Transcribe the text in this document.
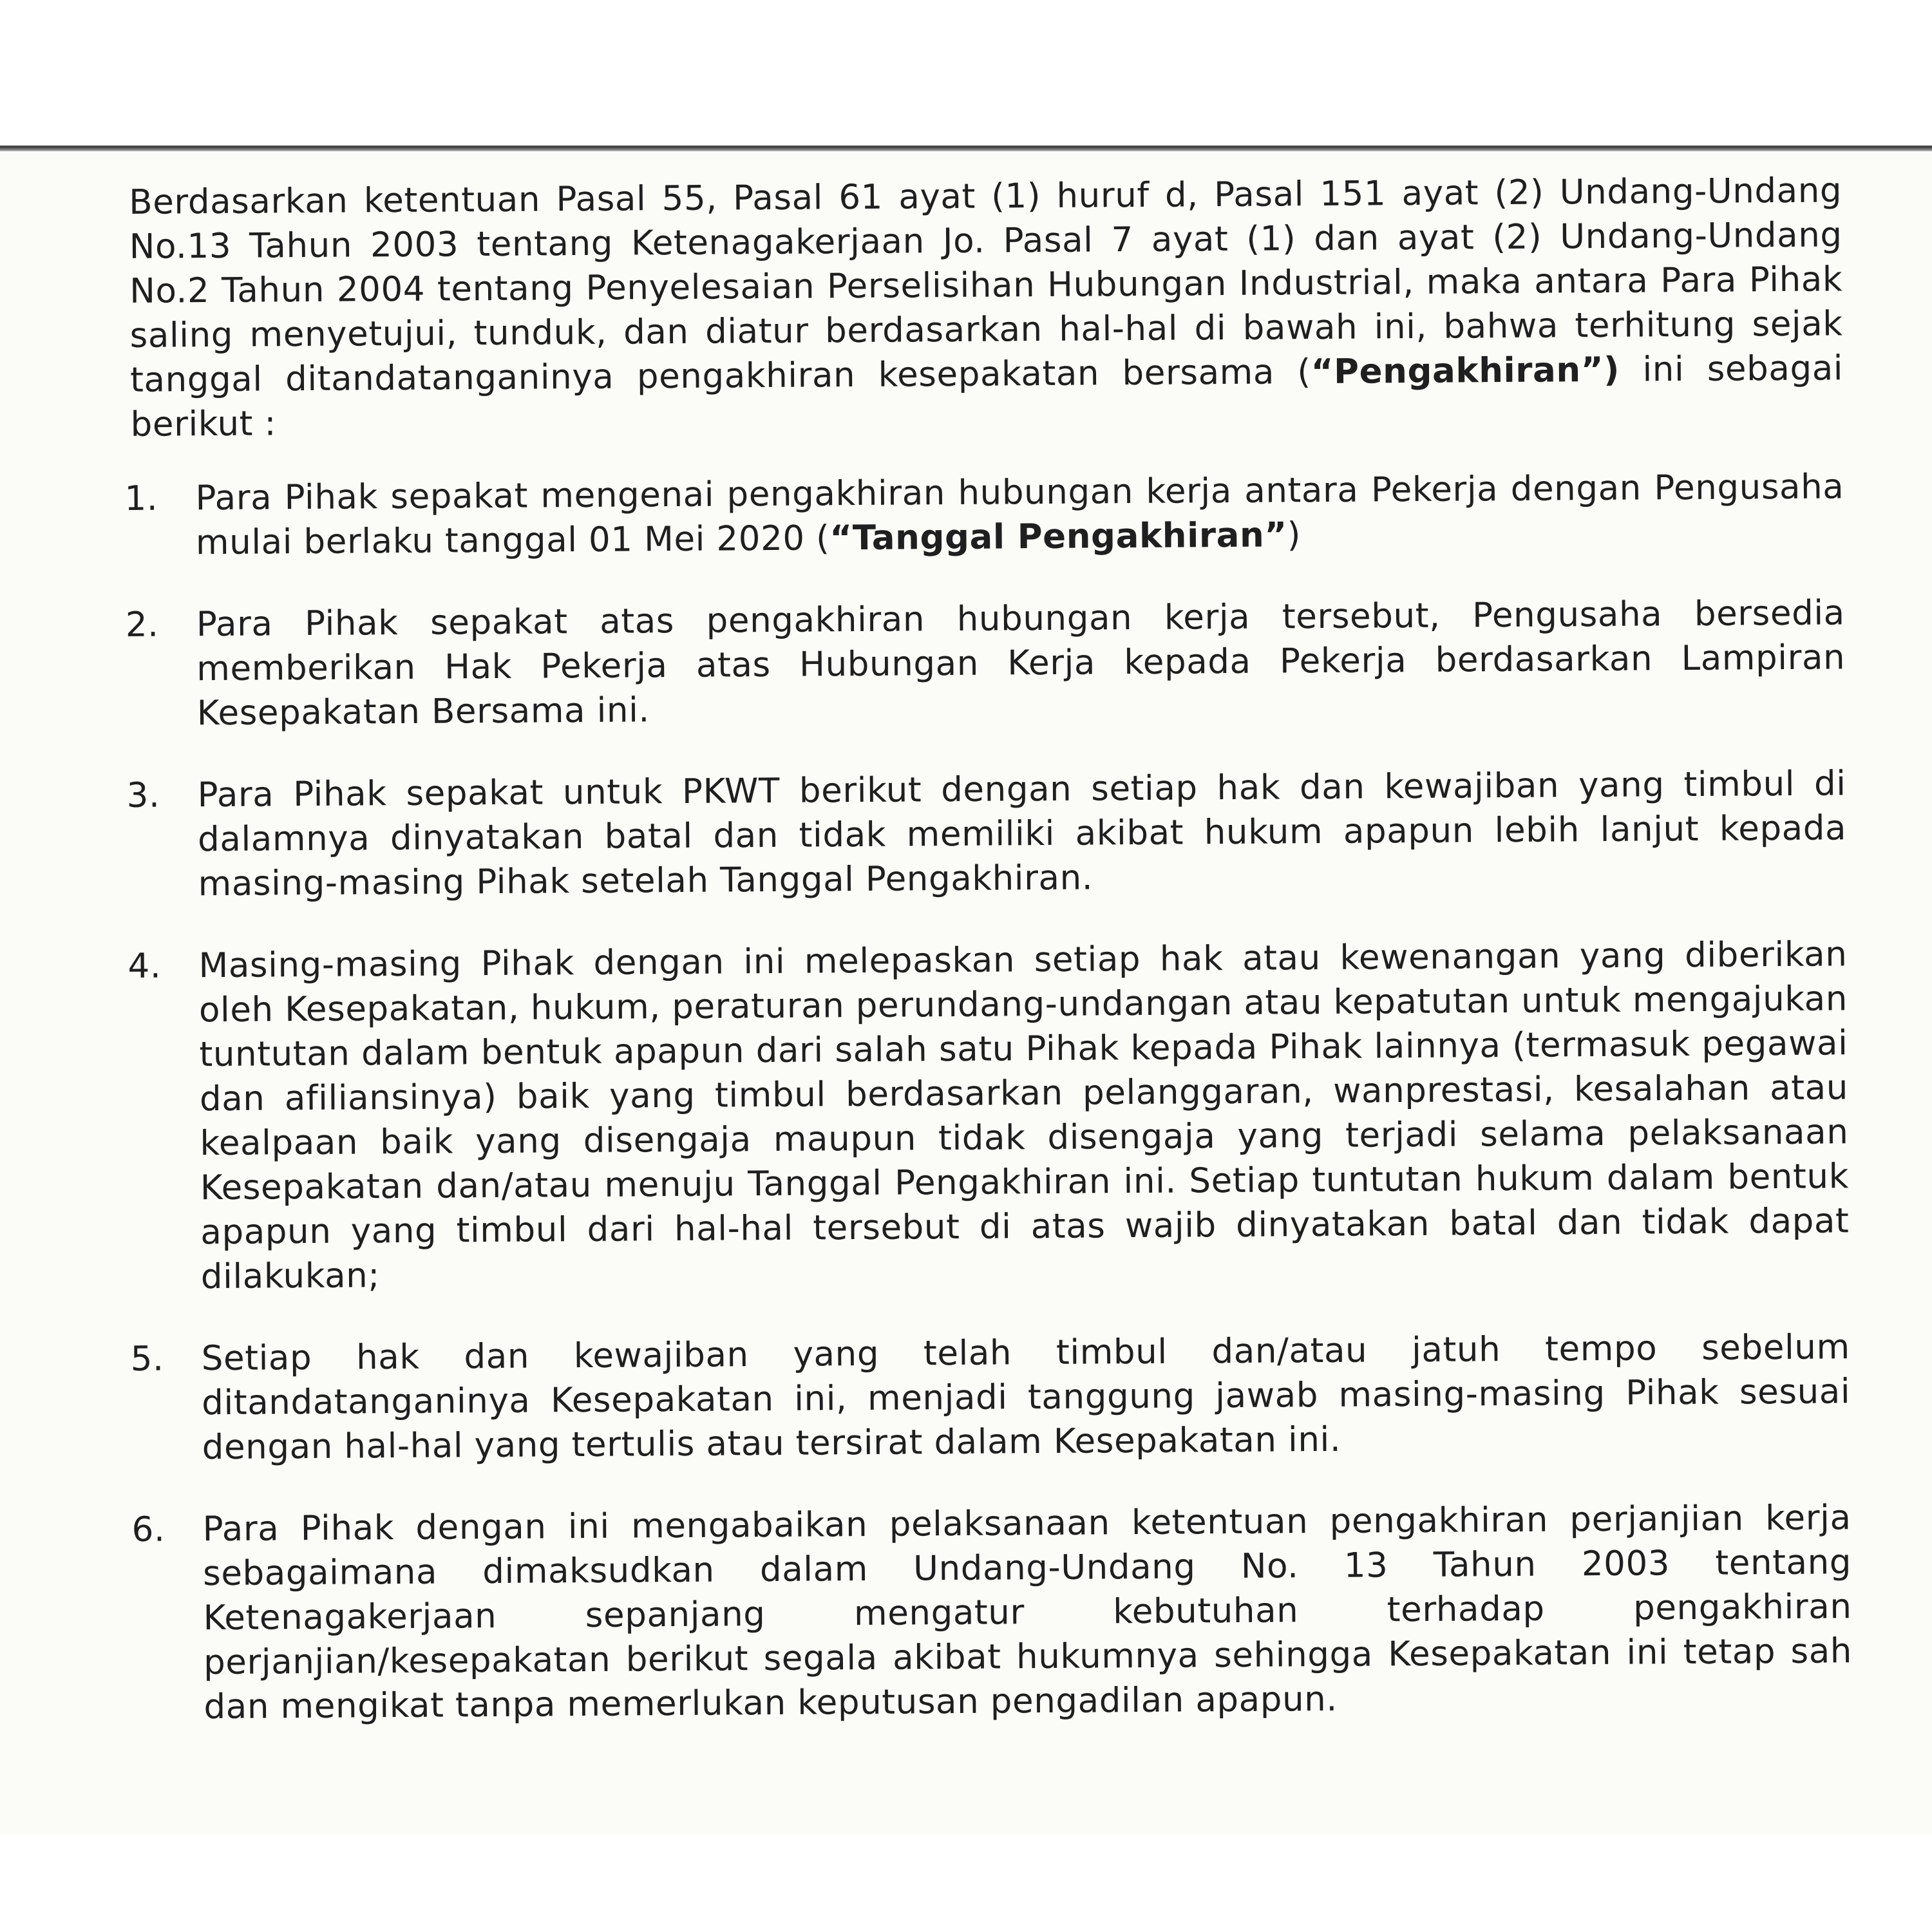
Berdasarkan ketentuan Pasal 55, Pasal 61 ayat (1) huruf d, Pasal 151 ayat (2) Undang-Undang No.13 Tahun 2003 tentang Ketenagakerjaan Jo. Pasal 7 ayat (1) dan ayat (2) Undang-Undang No.2 Tahun 2004 tentang Penyelesaian Perselisihan Hubungan Industrial, maka antara Para Pihak saling menyetujui, tunduk, dan diatur berdasarkan hal-hal di bawah ini, bahwa terhitung sejak tanggal ditandatanganinya pengakhiran kesepakatan bersama (“Pengakhiran”) ini sebagai berikut :

1.	Para Pihak sepakat mengenai pengakhiran hubungan kerja antara Pekerja dengan Pengusaha mulai berlaku tanggal 01 Mei 2020 (“Tanggal Pengakhiran”)
2.	Para Pihak sepakat atas pengakhiran hubungan kerja tersebut, Pengusaha bersedia memberikan Hak Pekerja atas Hubungan Kerja kepada Pekerja berdasarkan Lampiran Kesepakatan Bersama ini.
3.	Para Pihak sepakat untuk PKWT berikut dengan setiap hak dan kewajiban yang timbul di dalamnya dinyatakan batal dan tidak memiliki akibat hukum apapun lebih lanjut kepada masing-masing Pihak setelah Tanggal Pengakhiran.
4.	Masing-masing Pihak dengan ini melepaskan setiap hak atau kewenangan yang diberikan oleh Kesepakatan, hukum, peraturan perundang-undangan atau kepatutan untuk mengajukan tuntutan dalam bentuk apapun dari salah satu Pihak kepada Pihak lainnya (termasuk pegawai dan afiliansinya) baik yang timbul berdasarkan pelanggaran, wanprestasi, kesalahan atau kealpaan baik yang disengaja maupun tidak disengaja yang terjadi selama pelaksanaan Kesepakatan dan/atau menuju Tanggal Pengakhiran ini. Setiap tuntutan hukum dalam bentuk apapun yang timbul dari hal-hal tersebut di atas wajib dinyatakan batal dan tidak dapat dilakukan;
5.	Setiap hak dan kewajiban yang telah timbul dan/atau jatuh tempo sebelum ditandatanganinya Kesepakatan ini, menjadi tanggung jawab masing-masing Pihak sesuai dengan hal-hal yang tertulis atau tersirat dalam Kesepakatan ini.
6.	Para Pihak dengan ini mengabaikan pelaksanaan ketentuan pengakhiran perjanjian kerja sebagaimana dimaksudkan dalam Undang-Undang No. 13 Tahun 2003 tentang Ketenagakerjaan sepanjang mengatur kebutuhan terhadap pengakhiran perjanjian/kesepakatan berikut segala akibat hukumnya sehingga Kesepakatan ini tetap sah dan mengikat tanpa memerlukan keputusan pengadilan apapun.
